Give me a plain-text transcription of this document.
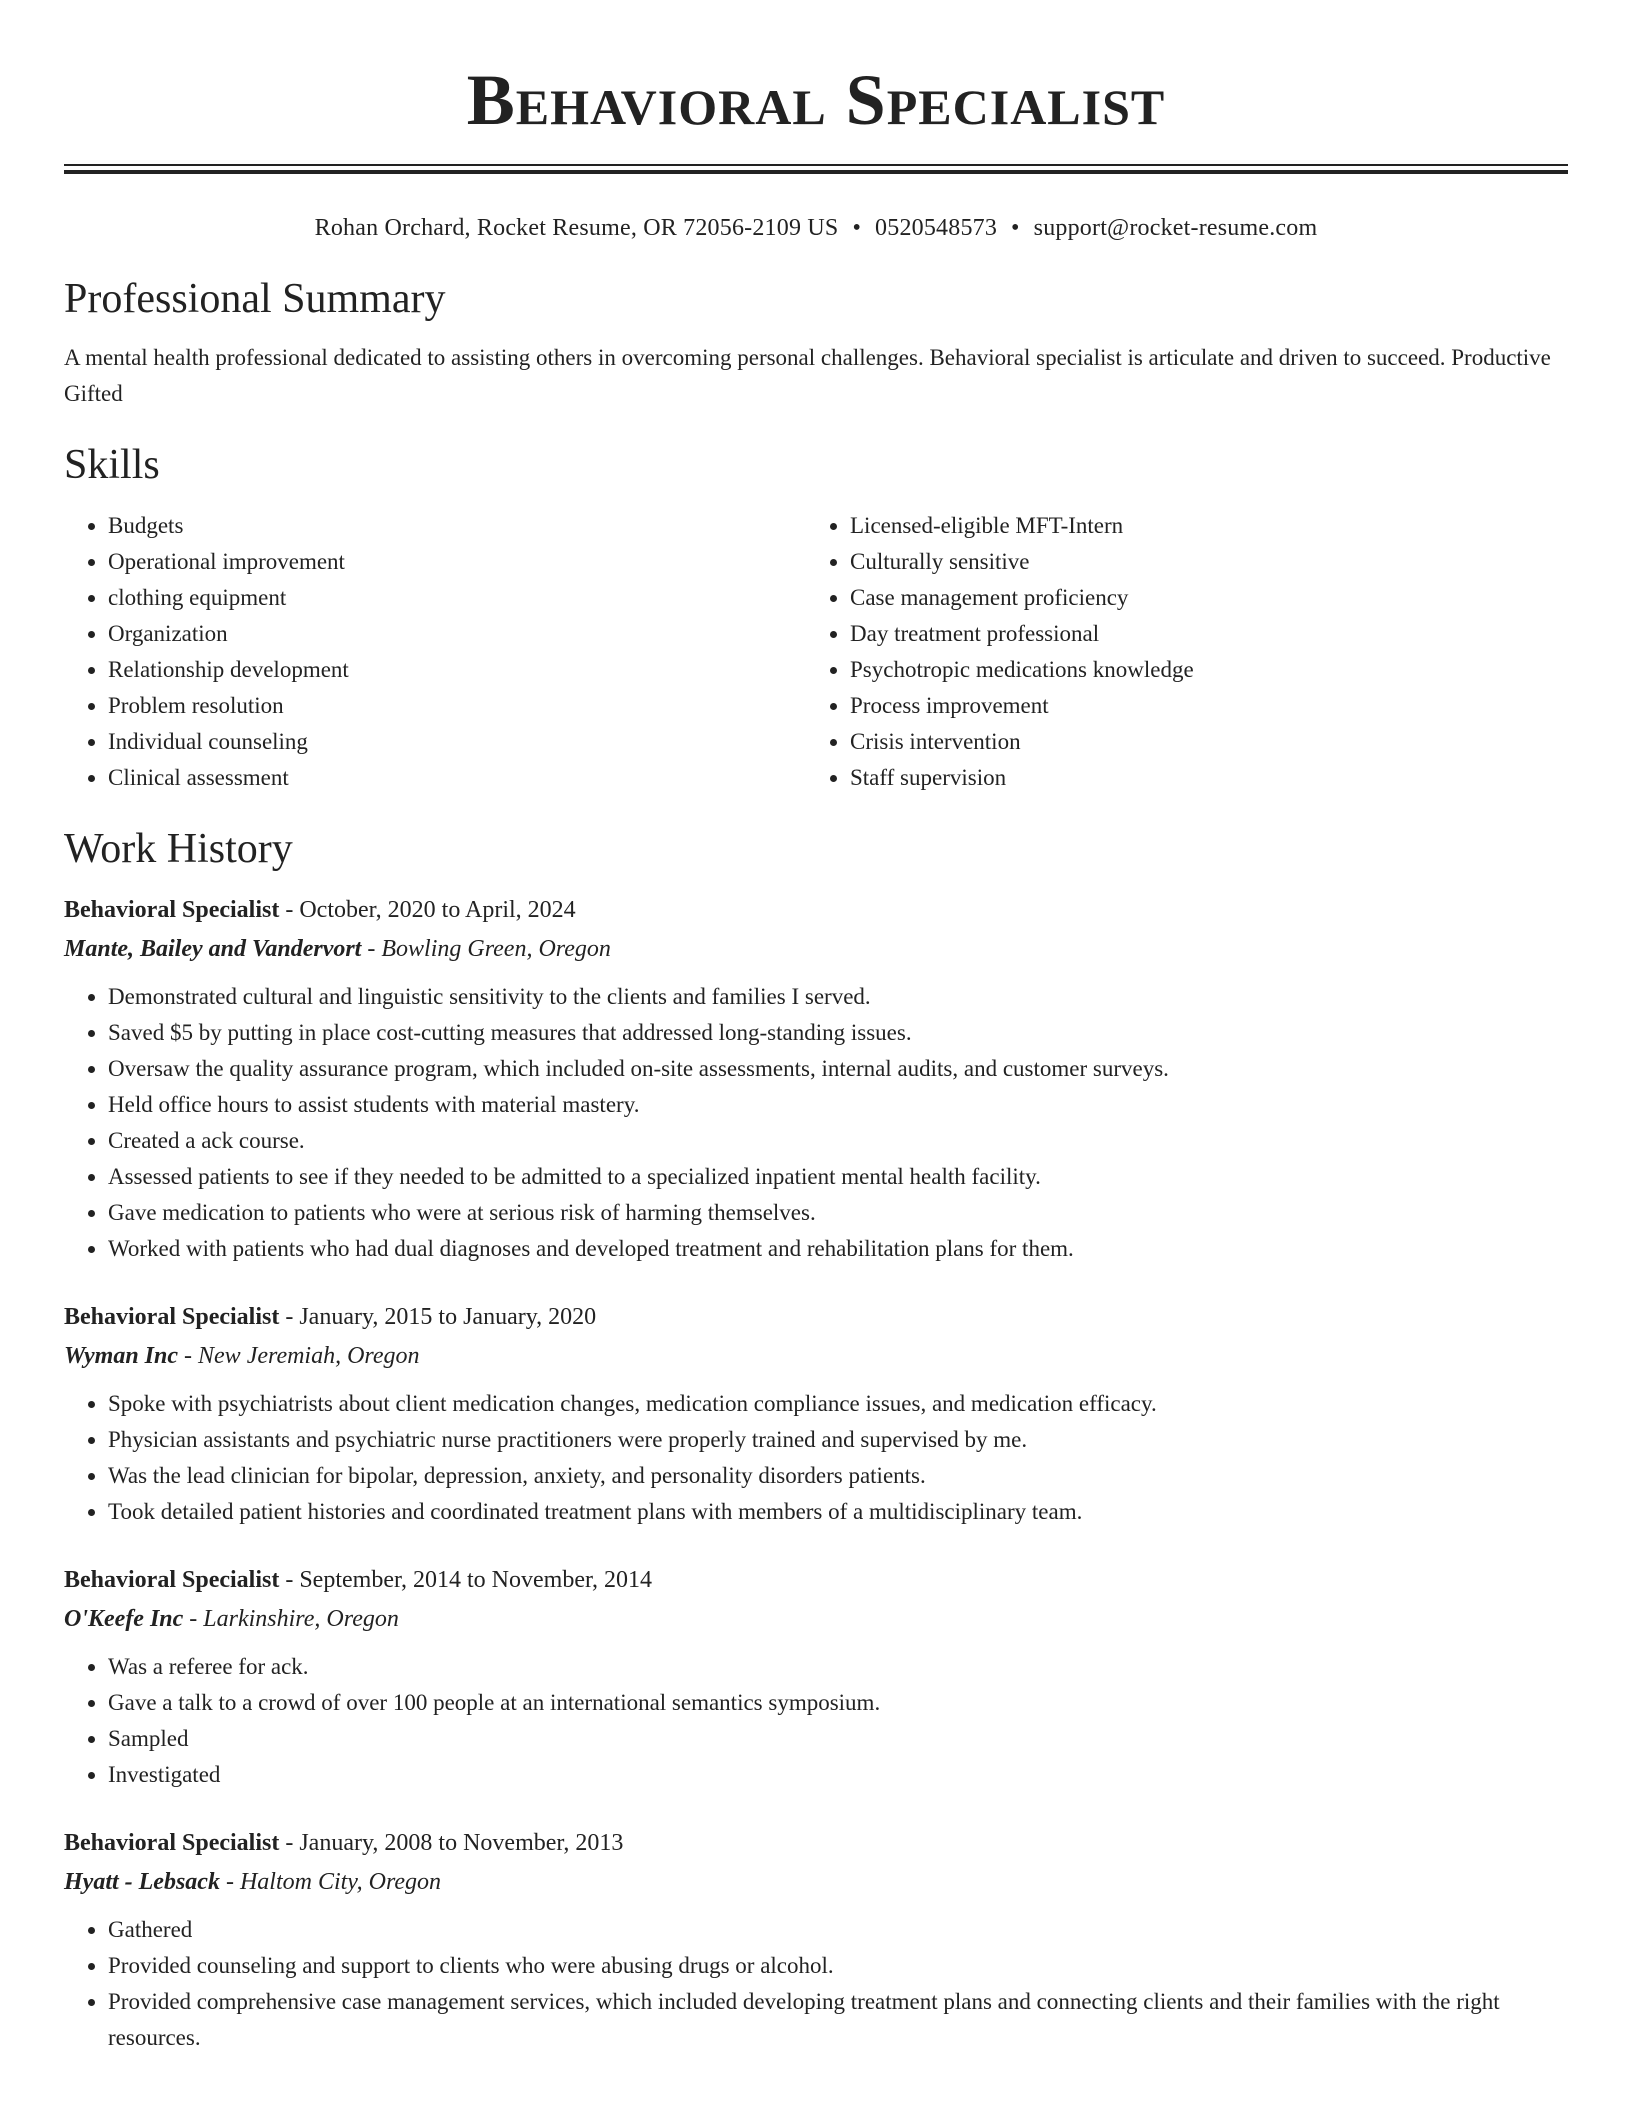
Behavioral Specialist
Rohan Orchard, Rocket Resume, OR 72056-2109 US • 0520548573 • support@rocket-resume.com
Professional Summary
A mental health professional dedicated to assisting others in overcoming personal challenges. Behavioral specialist is articulate and driven to succeed. Productive Gifted
Skills
• Budgets
• Operational improvement
• clothing equipment
• Organization
• Relationship development
• Problem resolution
• Individual counseling
• Clinical assessment
• Licensed-eligible MFT-Intern
• Culturally sensitive
• Case management proficiency
• Day treatment professional
• Psychotropic medications knowledge
• Process improvement
• Crisis intervention
• Staff supervision
Work History
Behavioral Specialist - October, 2020 to April, 2024
Mante, Bailey and Vandervort - Bowling Green, Oregon
• Demonstrated cultural and linguistic sensitivity to the clients and families I served.
• Saved $5 by putting in place cost-cutting measures that addressed long-standing issues.
• Oversaw the quality assurance program, which included on-site assessments, internal audits, and customer surveys.
• Held office hours to assist students with material mastery.
• Created a ack course.
• Assessed patients to see if they needed to be admitted to a specialized inpatient mental health facility.
• Gave medication to patients who were at serious risk of harming themselves.
• Worked with patients who had dual diagnoses and developed treatment and rehabilitation plans for them.
Behavioral Specialist - January, 2015 to January, 2020
Wyman Inc - New Jeremiah, Oregon
• Spoke with psychiatrists about client medication changes, medication compliance issues, and medication efficacy.
• Physician assistants and psychiatric nurse practitioners were properly trained and supervised by me.
• Was the lead clinician for bipolar, depression, anxiety, and personality disorders patients.
• Took detailed patient histories and coordinated treatment plans with members of a multidisciplinary team.
Behavioral Specialist - September, 2014 to November, 2014
O'Keefe Inc - Larkinshire, Oregon
• Was a referee for ack.
• Gave a talk to a crowd of over 100 people at an international semantics symposium.
• Sampled
• Investigated
Behavioral Specialist - January, 2008 to November, 2013
Hyatt - Lebsack - Haltom City, Oregon
• Gathered
• Provided counseling and support to clients who were abusing drugs or alcohol.
• Provided comprehensive case management services, which included developing treatment plans and connecting clients and their families with the right resources.
